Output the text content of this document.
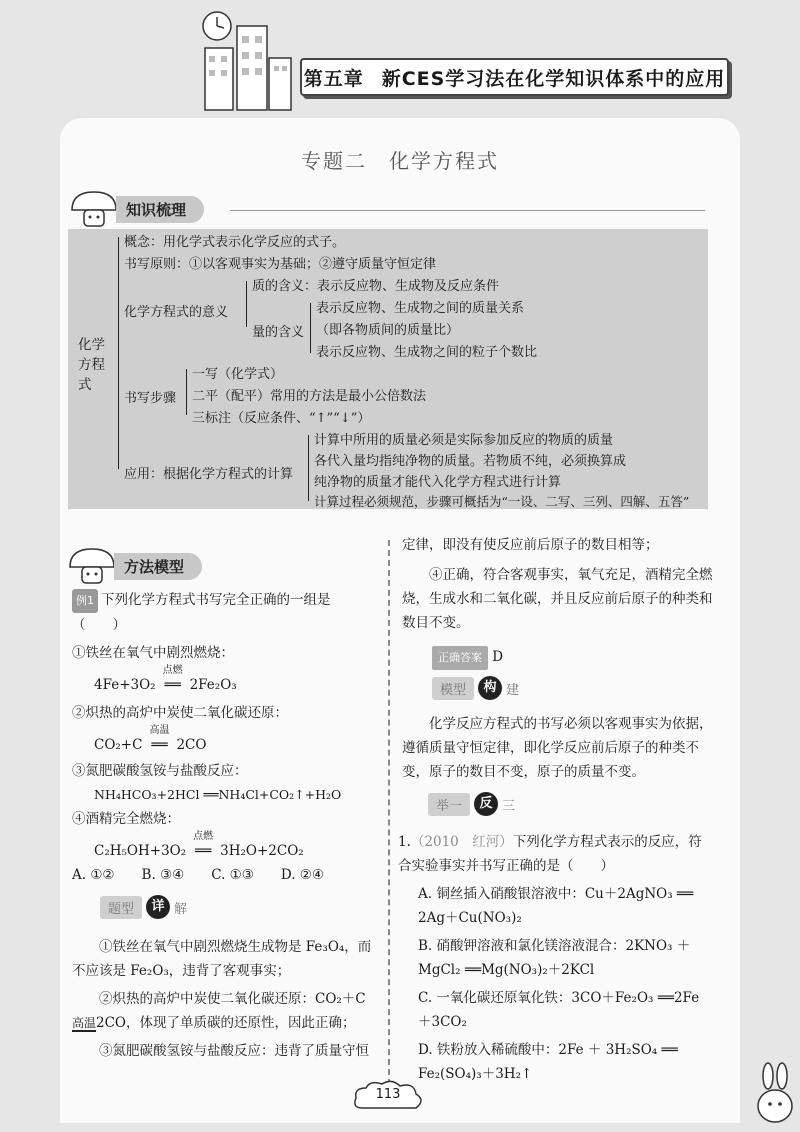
第五章 新CES学习法在化学知识体系中的应用
专题二　化学方程式
知识梳理
化学方程式
概念：用化学式表示化学反应的式子。
书写原则：①以客观事实为基础；②遵守质量守恒定律
化学方程式的意义
质的含义：表示反应物、生成物及反应条件
量的含义
表示反应物、生成物之间的质量关系
（即各物质间的质量比）
表示反应物、生成物之间的粒子个数比
书写步骤
一写（化学式）
二平（配平）常用的方法是最小公倍数法
三标注（反应条件、“↑”“↓”）
应用：根据化学方程式的计算
计算中所用的质量必须是实际参加反应的物质的质量
各代入量均指纯净物的质量。若物质不纯，必须换算成
纯净物的质量才能代入化学方程式进行计算
计算过程必须规范，步骤可概括为“一设、二写、三列、四解、五答”
方法模型

例1 下列化学方程式书写完全正确的一组是

（　　）

①铁丝在氧气中剧烈燃烧：

4Fe+3O₂
点燃
══ 2Fe₂O₃

②炽热的高炉中炭使二氧化碳还原：

CO₂+C
高温
══ 2CO

③氮肥碳酸氢铵与盐酸反应：

NH₄HCO₃+2HCl ══NH₄Cl+CO₂↑+H₂O

④酒精完全燃烧：

C₂H₅OH+3O₂
点燃
══ 3H₂O+2CO₂

A. ①②　　B. ③④　　C. ①③　　D. ②④

题型	详 解

①铁丝在氧气中剧烈燃烧生成物是 Fe₃O₄，而不应该是 Fe₂O₃，违背了客观事实；

②炽热的高炉中炭使二氧化碳还原：CO₂＋C

高温2CO，体现了单质碳的还原性，因此正确；

③氮肥碳酸氢铵与盐酸反应：违背了质量守恒

定律，即没有使反应前后原子的数目相等；

④正确，符合客观事实，氧气充足，酒精完全燃烧，生成水和二氧化碳，并且反应前后原子的种类和数目不变。

正确答案 D

模型	构 建

化学反应方程式的书写必须以客观事实为依据，遵循质量守恒定律，即化学反应前后原子的种类不变，原子的数目不变，原子的质量不变。

举一	反 三

1.（2010　红河）下列化学方程式表示的反应，符合实验事实并书写正确的是（　　）

A. 铜丝插入硝酸银溶液中：Cu＋2AgNO₃ ══ 2Ag＋Cu(NO₃)₂

B. 硝酸钾溶液和氯化镁溶液混合：2KNO₃ ＋ MgCl₂ ══Mg(NO₃)₂＋2KCl

C. 一氧化碳还原氧化铁：3CO＋Fe₂O₃ ══2Fe ＋3CO₂

D. 铁粉放入稀硫酸中：2Fe ＋ 3H₂SO₄ ══ Fe₂(SO₄)₃＋3H₂↑

113
